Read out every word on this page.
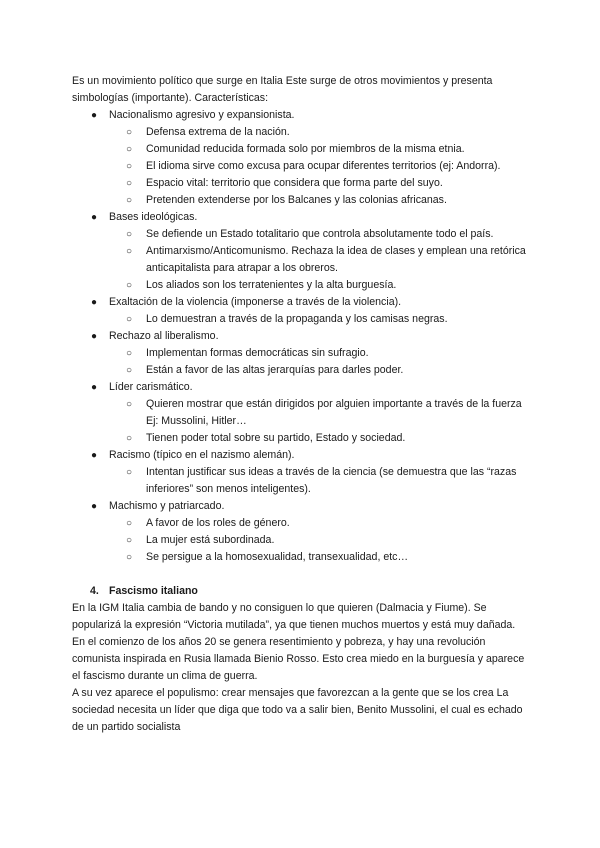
Es un movimiento político que surge en Italia Este surge de otros movimientos y presenta simbologías (importante). Características:

● Nacionalismo agresivo y expansionista.
○ Defensa extrema de la nación.
○ Comunidad reducida formada solo por miembros de la misma etnia.
○ El idioma sirve como excusa para ocupar diferentes territorios (ej: Andorra).
○ Espacio vital: territorio que considera que forma parte del suyo.
○ Pretenden extenderse por los Balcanes y las colonias africanas.
● Bases ideológicas.
○ Se defiende un Estado totalitario que controla absolutamente todo el país.
○ Antimarxismo/Anticomunismo. Rechaza la idea de clases y emplean una retórica anticapitalista para atrapar a los obreros.
○ Los aliados son los terratenientes y la alta burguesía.
● Exaltación de la violencia (imponerse a través de la violencia).
○ Lo demuestran a través de la propaganda y los camisas negras.
● Rechazo al liberalismo.
○ Implementan formas democráticas sin sufragio.
○ Están a favor de las altas jerarquías para darles poder.
● Líder carismático.
○ Quieren mostrar que están dirigidos por alguien importante a través de la fuerza Ej: Mussolini, Hitler…
○ Tienen poder total sobre su partido, Estado y sociedad.
● Racismo (típico en el nazismo alemán).
○ Intentan justificar sus ideas a través de la ciencia (se demuestra que las “razas inferiores” son menos inteligentes).
● Machismo y patriarcado.
○ A favor de los roles de género.
○ La mujer está subordinada.
○ Se persigue a la homosexualidad, transexualidad, etc…

4. Fascismo italiano

En la IGM Italia cambia de bando y no consiguen lo que quieren (Dalmacia y Fiume). Se popularizá la expresión “Victoria mutilada”, ya que tienen muchos muertos y está muy dañada.

En el comienzo de los años 20 se genera resentimiento y pobreza, y hay una revolución comunista inspirada en Rusia llamada Bienio Rosso. Esto crea miedo en la burguesía y aparece el fascismo durante un clima de guerra.

A su vez aparece el populismo: crear mensajes que favorezcan a la gente que se los crea La sociedad necesita un líder que diga que todo va a salir bien, Benito Mussolini, el cual es echado de un partido socialista
